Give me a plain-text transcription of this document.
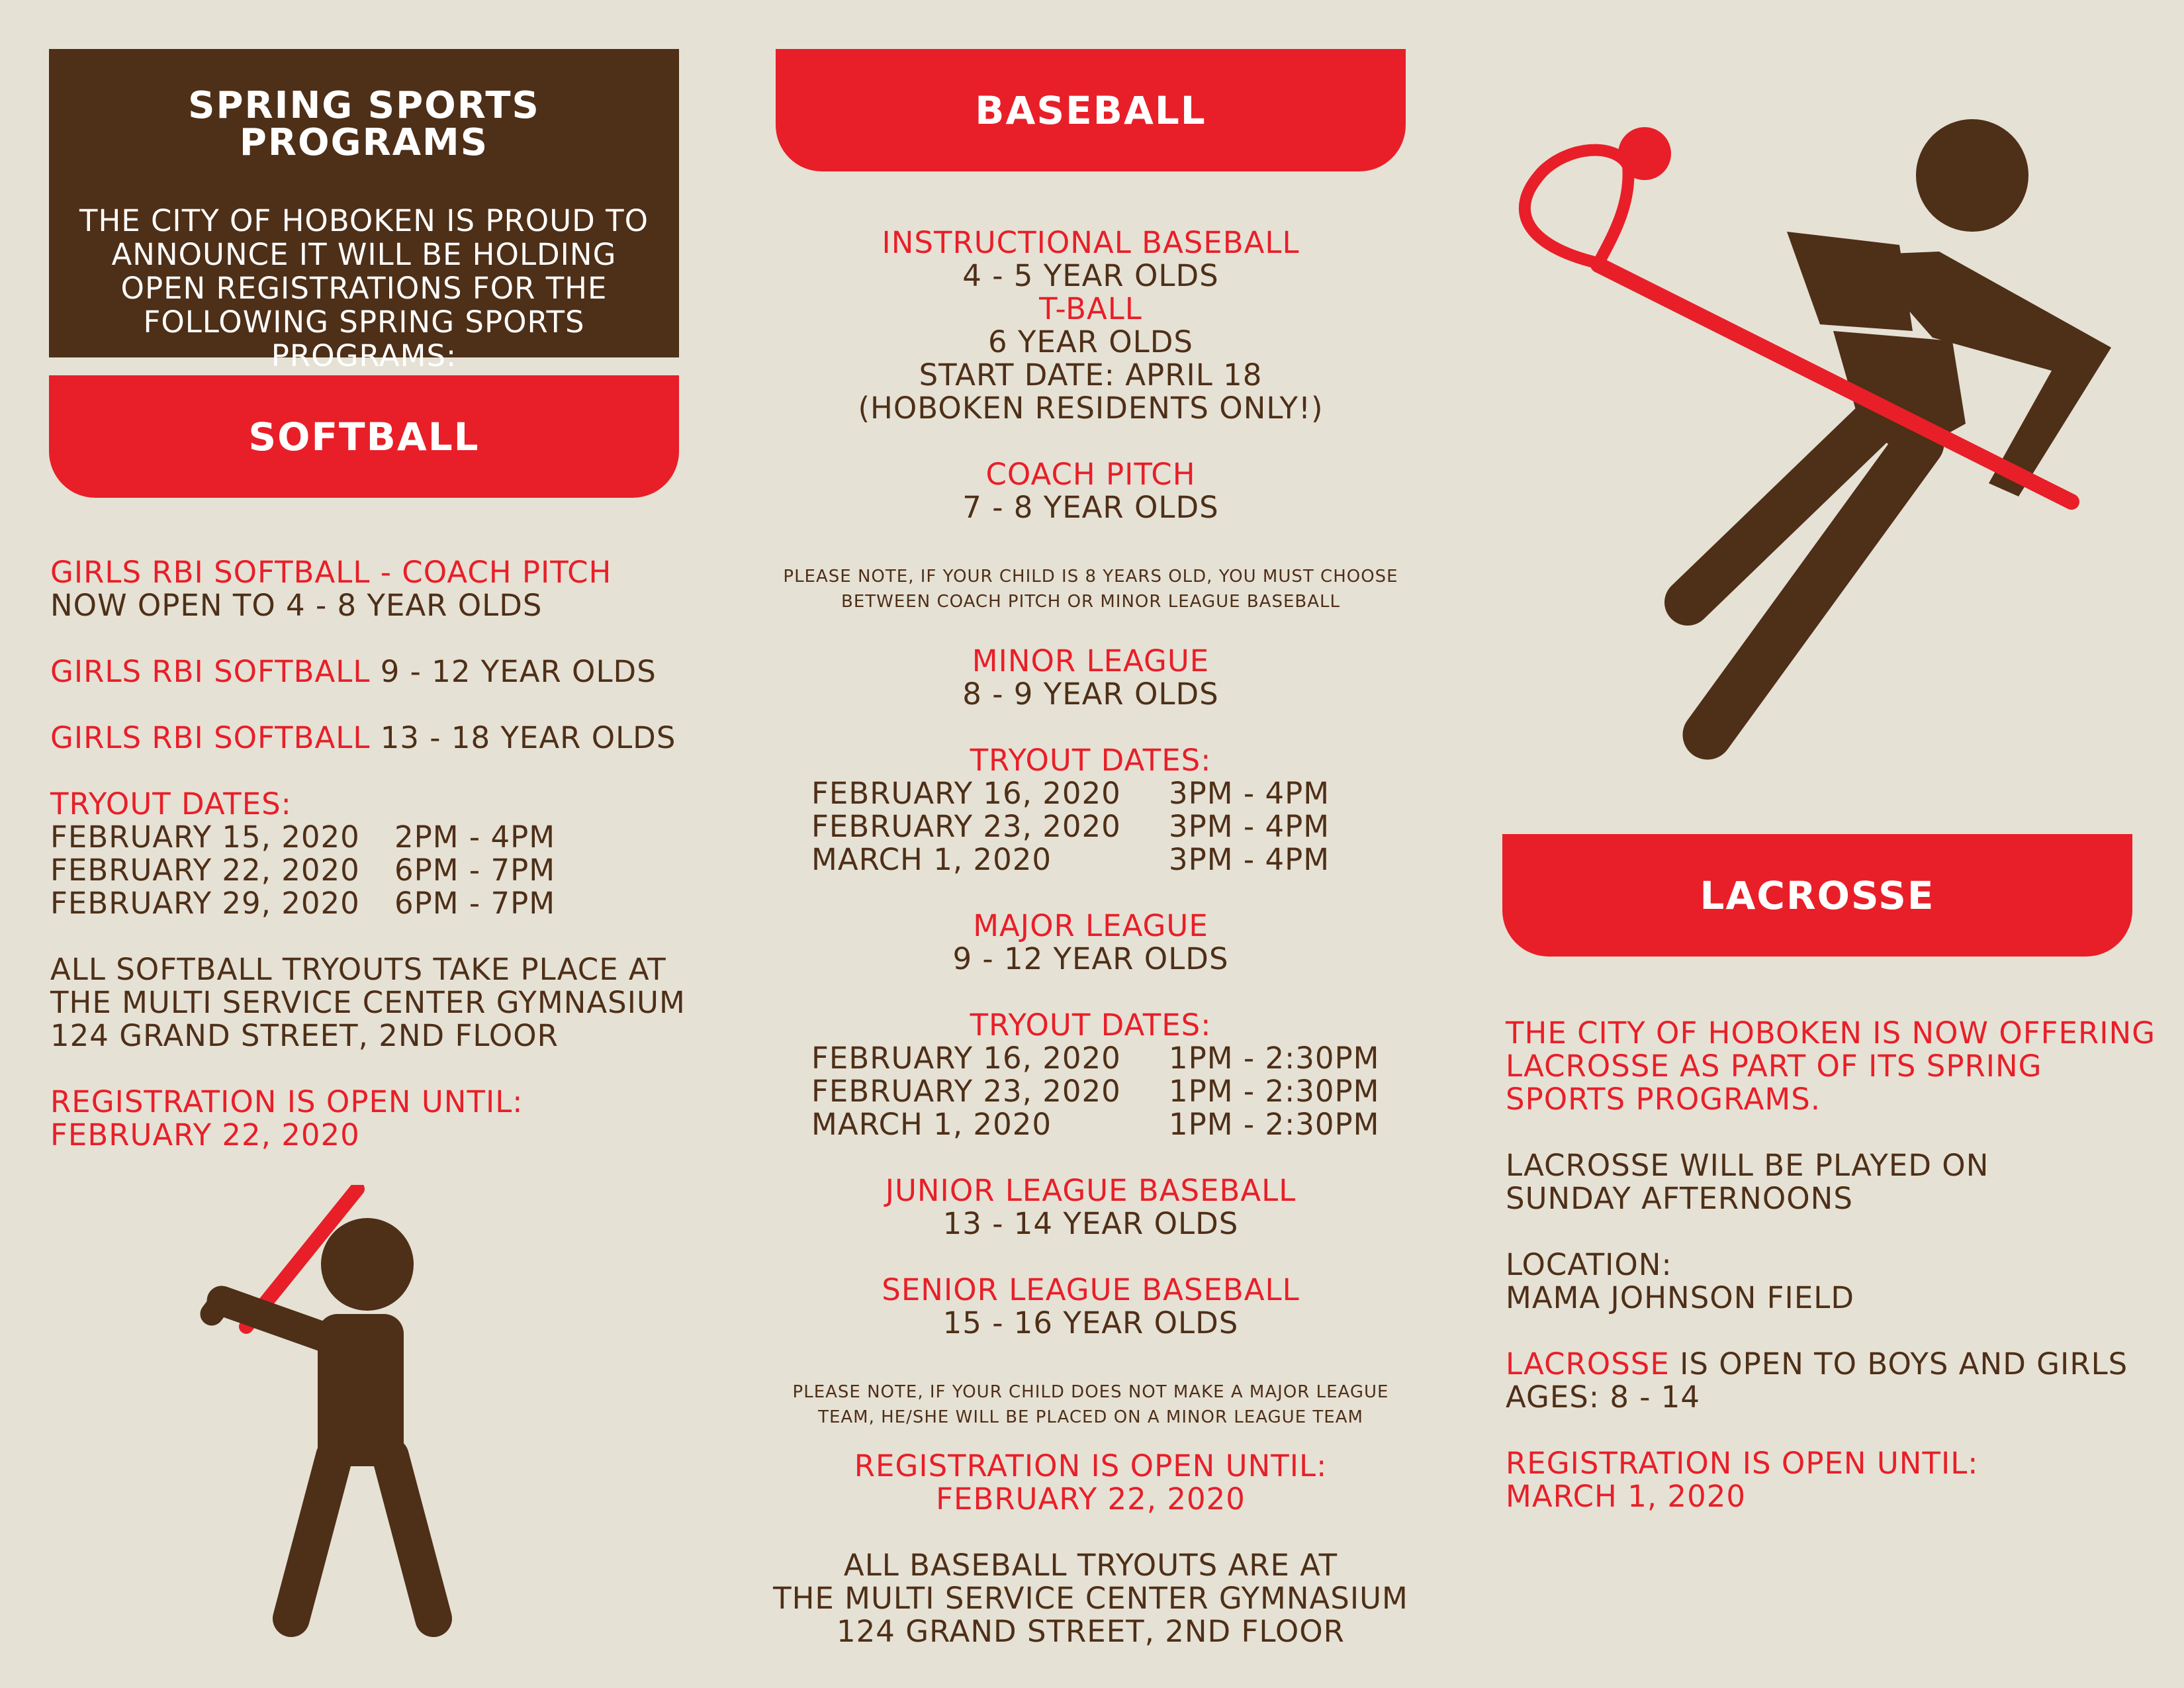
SPRING SPORTS PROGRAMS
THE CITY OF HOBOKEN IS PROUD TO ANNOUNCE IT WILL BE HOLDING OPEN REGISTRATIONS FOR THE FOLLOWING SPRING SPORTS PROGRAMS:
SOFTBALL
GIRLS RBI SOFTBALL - COACH PITCH
NOW OPEN TO 4 - 8 YEAR OLDS
GIRLS RBI SOFTBALL 9 - 12 YEAR OLDS
GIRLS RBI SOFTBALL 13 - 18 YEAR OLDS
TRYOUT DATES:
FEBRUARY 15, 2020	2PM - 4PM
FEBRUARY 22, 2020	6PM - 7PM
FEBRUARY 29, 2020	6PM - 7PM
ALL SOFTBALL TRYOUTS TAKE PLACE AT
THE MULTI SERVICE CENTER GYMNASIUM
124 GRAND STREET, 2ND FLOOR
REGISTRATION IS OPEN UNTIL:
FEBRUARY 22, 2020
BASEBALL
INSTRUCTIONAL BASEBALL
4 - 5 YEAR OLDS
T-BALL
6 YEAR OLDS
START DATE: APRIL 18
(HOBOKEN RESIDENTS ONLY!)
COACH PITCH
7 - 8 YEAR OLDS
PLEASE NOTE, IF YOUR CHILD IS 8 YEARS OLD, YOU MUST CHOOSE
BETWEEN COACH PITCH OR MINOR LEAGUE BASEBALL
MINOR LEAGUE
8 - 9 YEAR OLDS
TRYOUT DATES:
FEBRUARY 16, 2020	3PM - 4PM
FEBRUARY 23, 2020	3PM - 4PM
MARCH 1, 2020	3PM - 4PM
MAJOR LEAGUE
9 - 12 YEAR OLDS
TRYOUT DATES:
FEBRUARY 16, 2020	1PM - 2:30PM
FEBRUARY 23, 2020	1PM - 2:30PM
MARCH 1, 2020	1PM - 2:30PM
JUNIOR LEAGUE BASEBALL
13 - 14 YEAR OLDS
SENIOR LEAGUE BASEBALL
15 - 16 YEAR OLDS
PLEASE NOTE, IF YOUR CHILD DOES NOT MAKE A MAJOR LEAGUE
TEAM, HE/SHE WILL BE PLACED ON A MINOR LEAGUE TEAM
REGISTRATION IS OPEN UNTIL:
FEBRUARY 22, 2020
ALL BASEBALL TRYOUTS ARE AT
THE MULTI SERVICE CENTER GYMNASIUM
124 GRAND STREET, 2ND FLOOR
LACROSSE
THE CITY OF HOBOKEN IS NOW OFFERING
LACROSSE AS PART OF ITS SPRING
SPORTS PROGRAMS.
LACROSSE WILL BE PLAYED ON
SUNDAY AFTERNOONS
LOCATION:
MAMA JOHNSON FIELD
LACROSSE IS OPEN TO BOYS AND GIRLS
AGES: 8 - 14
REGISTRATION IS OPEN UNTIL:
MARCH 1, 2020
